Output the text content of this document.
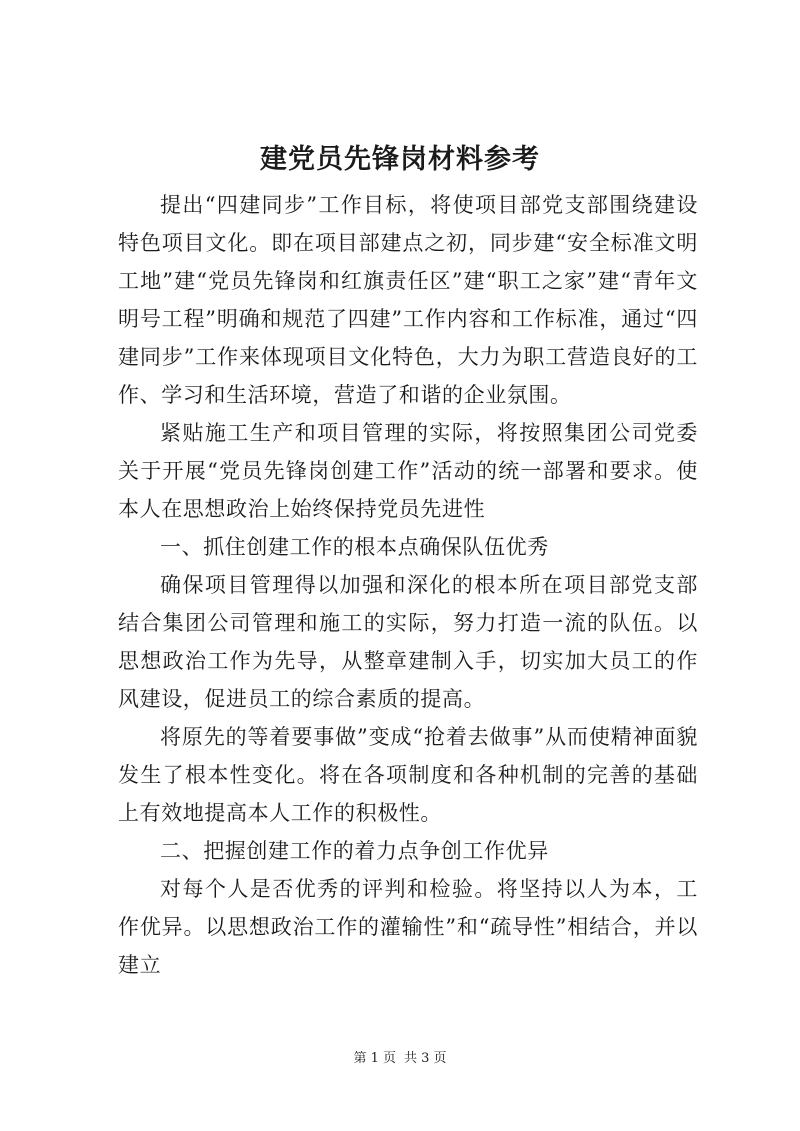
建党员先锋岗材料参考

提出“四建同步”工作目标，将使项目部党支部围绕建设特色项目文化。即在项目部建点之初，同步建“安全标准文明工地”建“党员先锋岗和红旗责任区”建“职工之家”建“青年文明号工程”明确和规范了四建”工作内容和工作标准，通过“四建同步”工作来体现项目文化特色，大力为职工营造良好的工作、学习和生活环境，营造了和谐的企业氛围。

紧贴施工生产和项目管理的实际，将按照集团公司党委关于开展“党员先锋岗创建工作”活动的统一部署和要求。使本人在思想政治上始终保持党员先进性

一、抓住创建工作的根本点确保队伍优秀

确保项目管理得以加强和深化的根本所在项目部党支部结合集团公司管理和施工的实际，努力打造一流的队伍。以思想政治工作为先导，从整章建制入手，切实加大员工的作风建设，促进员工的综合素质的提高。

将原先的等着要事做”变成“抢着去做事”从而使精神面貌发生了根本性变化。将在各项制度和各种机制的完善的基础上有效地提高本人工作的积极性。

二、把握创建工作的着力点争创工作优异

对每个人是否优秀的评判和检验。将坚持以人为本，工作优异。以思想政治工作的灌输性”和“疏导性”相结合，并以建立

第 1 页 共 3 页
